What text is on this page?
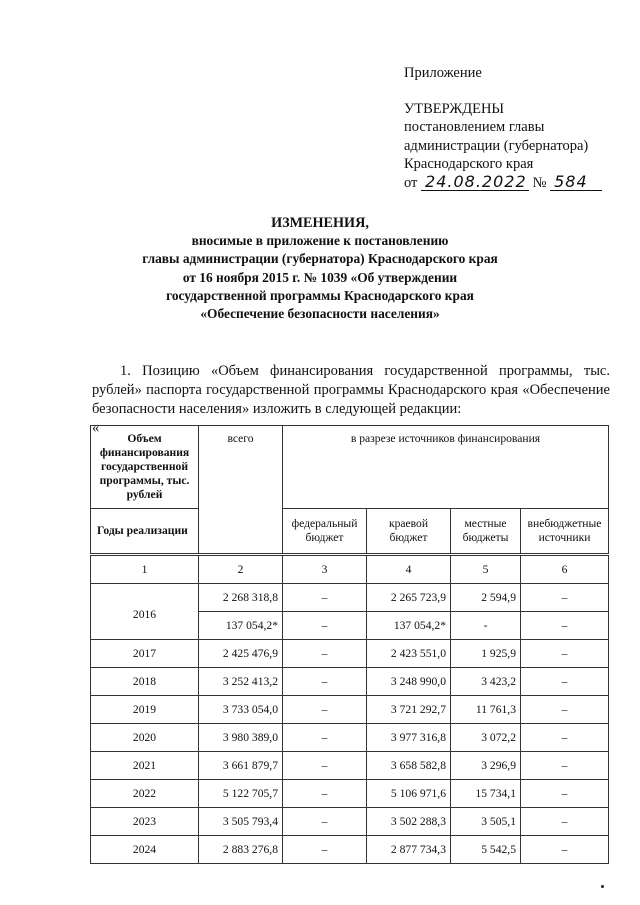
Приложение
УТВЕРЖДЕНЫ
постановлением главы
администрации (губернатора)
Краснодарского края
от 24.08.2022 № 584
ИЗМЕНЕНИЯ,
вносимые в приложение к постановлению
главы администрации (губернатора) Краснодарского края
от 16 ноября 2015 г. № 1039 «Об утверждении
государственной программы Краснодарского края
«Обеспечение безопасности населения»

1. Позицию «Объем финансирования государственной программы, тыс. рублей» паспорта государственной программы Краснодарского края «Обеспечение безопасности населения» изложить в следующей редакции:

«

Объем финансирования государственной программы, тыс. рублей	всего	в разрезе источников финансирования			
Годы реализации		федеральный бюджет	краевой бюджет	местные бюджеты	внебюджетные источники
1	2	3	4	5	6
2016	2 268 318,8	–	2 265 723,9	2 594,9	–
	137 054,2*	–	137 054,2*	-	–
2017	2 425 476,9	–	2 423 551,0	1 925,9	–
2018	3 252 413,2	–	3 248 990,0	3 423,2	–
2019	3 733 054,0	–	3 721 292,7	11 761,3	–
2020	3 980 389,0	–	3 977 316,8	3 072,2	–
2021	3 661 879,7	–	3 658 582,8	3 296,9	–
2022	5 122 705,7	–	5 106 971,6	15 734,1	–
2023	3 505 793,4	–	3 502 288,3	3 505,1	–
2024	2 883 276,8	–	2 877 734,3	5 542,5	–
